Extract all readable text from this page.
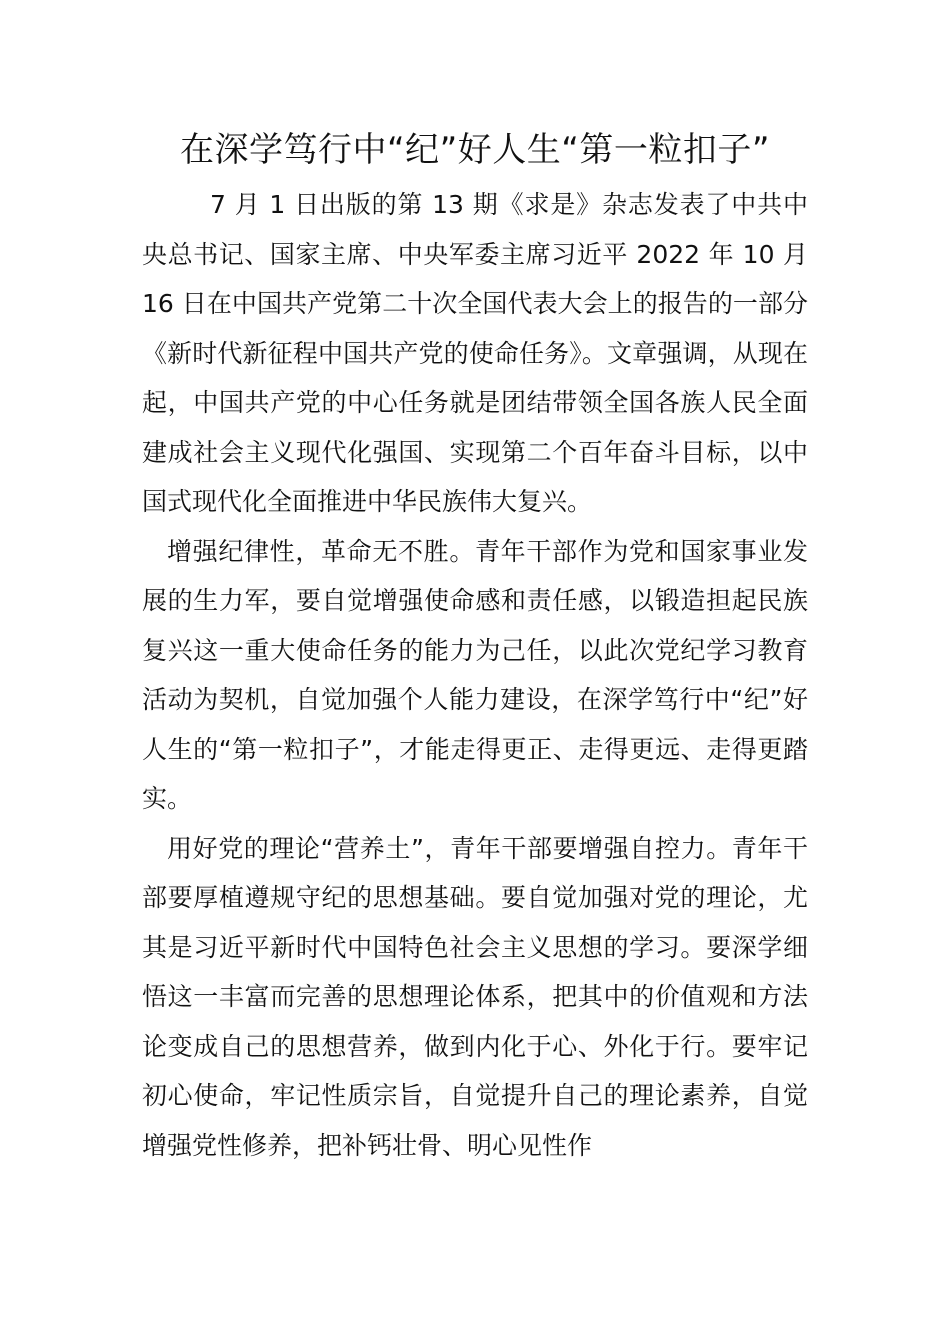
在深学笃行中“纪”好人生“第一粒扣子”

7 月 1 日出版的第 13 期《求是》杂志发表了中共中央总书记、国家主席、中央军委主席习近平 2022 年 10 月 16 日在中国共产党第二十次全国代表大会上的报告的一部分《新时代新征程中国共产党的使命任务》。文章强调，从现在起，中国共产党的中心任务就是团结带领全国各族人民全面建成社会主义现代化强国、实现第二个百年奋斗目标，以中国式现代化全面推进中华民族伟大复兴。

增强纪律性，革命无不胜。青年干部作为党和国家事业发展的生力军，要自觉增强使命感和责任感，以锻造担起民族复兴这一重大使命任务的能力为己任，以此次党纪学习教育活动为契机，自觉加强个人能力建设，在深学笃行中“纪”好人生的“第一粒扣子”，才能走得更正、走得更远、走得更踏实。

用好党的理论“营养土”，青年干部要增强自控力。青年干部要厚植遵规守纪的思想基础。要自觉加强对党的理论，尤其是习近平新时代中国特色社会主义思想的学习。要深学细悟这一丰富而完善的思想理论体系，把其中的价值观和方法论变成自己的思想营养，做到内化于心、外化于行。要牢记初心使命，牢记性质宗旨，自觉提升自己的理论素养，自觉增强党性修养，把补钙壮骨、明心见性作
